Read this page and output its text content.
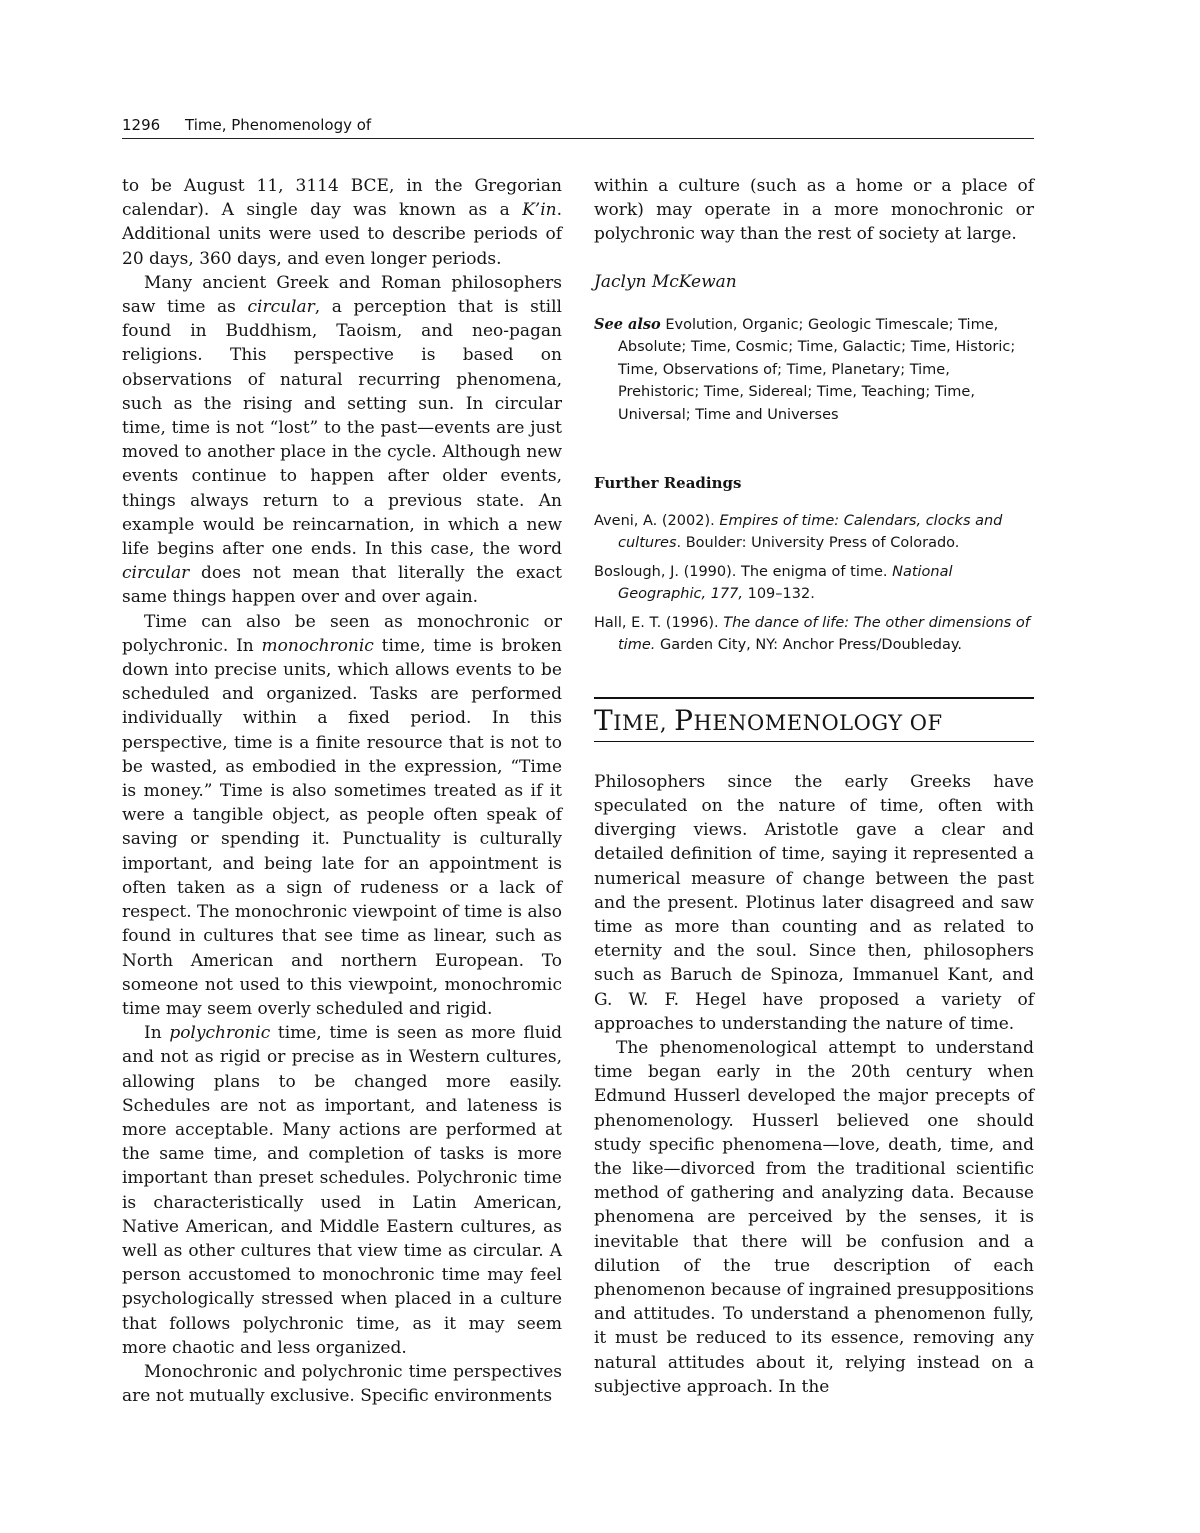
1296 Time, Phenomenology of

to be August 11, 3114 BCE, in the Gregorian calendar). A single day was known as a K’in. Additional units were used to describe periods of 20 days, 360 days, and even longer periods.

Many ancient Greek and Roman philosophers saw time as circular, a perception that is still found in Buddhism, Taoism, and neo-pagan religions. This perspective is based on observations of natural recurring phenomena, such as the rising and setting sun. In circular time, time is not “lost” to the past—events are just moved to another place in the cycle. Although new events continue to happen after older events, things always return to a previous state. An example would be reincarnation, in which a new life begins after one ends. In this case, the word circular does not mean that literally the exact same things happen over and over again.

Time can also be seen as monochronic or polychronic. In monochronic time, time is broken down into precise units, which allows events to be scheduled and organized. Tasks are performed individually within a fixed period. In this perspective, time is a finite resource that is not to be wasted, as embodied in the expression, “Time is money.” Time is also sometimes treated as if it were a tangible object, as people often speak of saving or spending it. Punctuality is culturally important, and being late for an appointment is often taken as a sign of rudeness or a lack of respect. The monochronic viewpoint of time is also found in cultures that see time as linear, such as North American and northern European. To someone not used to this viewpoint, monochromic time may seem overly scheduled and rigid.

In polychronic time, time is seen as more fluid and not as rigid or precise as in Western cultures, allowing plans to be changed more easily. Schedules are not as important, and lateness is more acceptable. Many actions are performed at the same time, and completion of tasks is more important than preset schedules. Polychronic time is characteristically used in Latin American, Native American, and Middle Eastern cultures, as well as other cultures that view time as circular. A person accustomed to monochronic time may feel psychologically stressed when placed in a culture that follows polychronic time, as it may seem more chaotic and less organized.

Monochronic and polychronic time perspectives are not mutually exclusive. Specific environments

within a culture (such as a home or a place of work) may operate in a more monochronic or polychronic way than the rest of society at large.

Jaclyn McKewan

See also Evolution, Organic; Geologic Timescale; Time, Absolute; Time, Cosmic; Time, Galactic; Time, Historic; Time, Observations of; Time, Planetary; Time, Prehistoric; Time, Sidereal; Time, Teaching; Time, Universal; Time and Universes

Further Readings

Aveni, A. (2002). Empires of time: Calendars, clocks and cultures. Boulder: University Press of Colorado.

Boslough, J. (1990). The enigma of time. National Geographic, 177, 109–132.

Hall, E. T. (1996). The dance of life: The other dimensions of time. Garden City, NY: Anchor Press/Doubleday.

TIME, PHENOMENOLOGY OF

Philosophers since the early Greeks have speculated on the nature of time, often with diverging views. Aristotle gave a clear and detailed definition of time, saying it represented a numerical measure of change between the past and the present. Plotinus later disagreed and saw time as more than counting and as related to eternity and the soul. Since then, philosophers such as Baruch de Spinoza, Immanuel Kant, and G. W. F. Hegel have proposed a variety of approaches to understanding the nature of time.

The phenomenological attempt to understand time began early in the 20th century when Edmund Husserl developed the major precepts of phenomenology. Husserl believed one should study specific phenomena—love, death, time, and the like—divorced from the traditional scientific method of gathering and analyzing data. Because phenomena are perceived by the senses, it is inevitable that there will be confusion and a dilution of the true description of each phenomenon because of ingrained presuppositions and attitudes. To understand a phenomenon fully, it must be reduced to its essence, removing any natural attitudes about it, relying instead on a subjective approach. In the
